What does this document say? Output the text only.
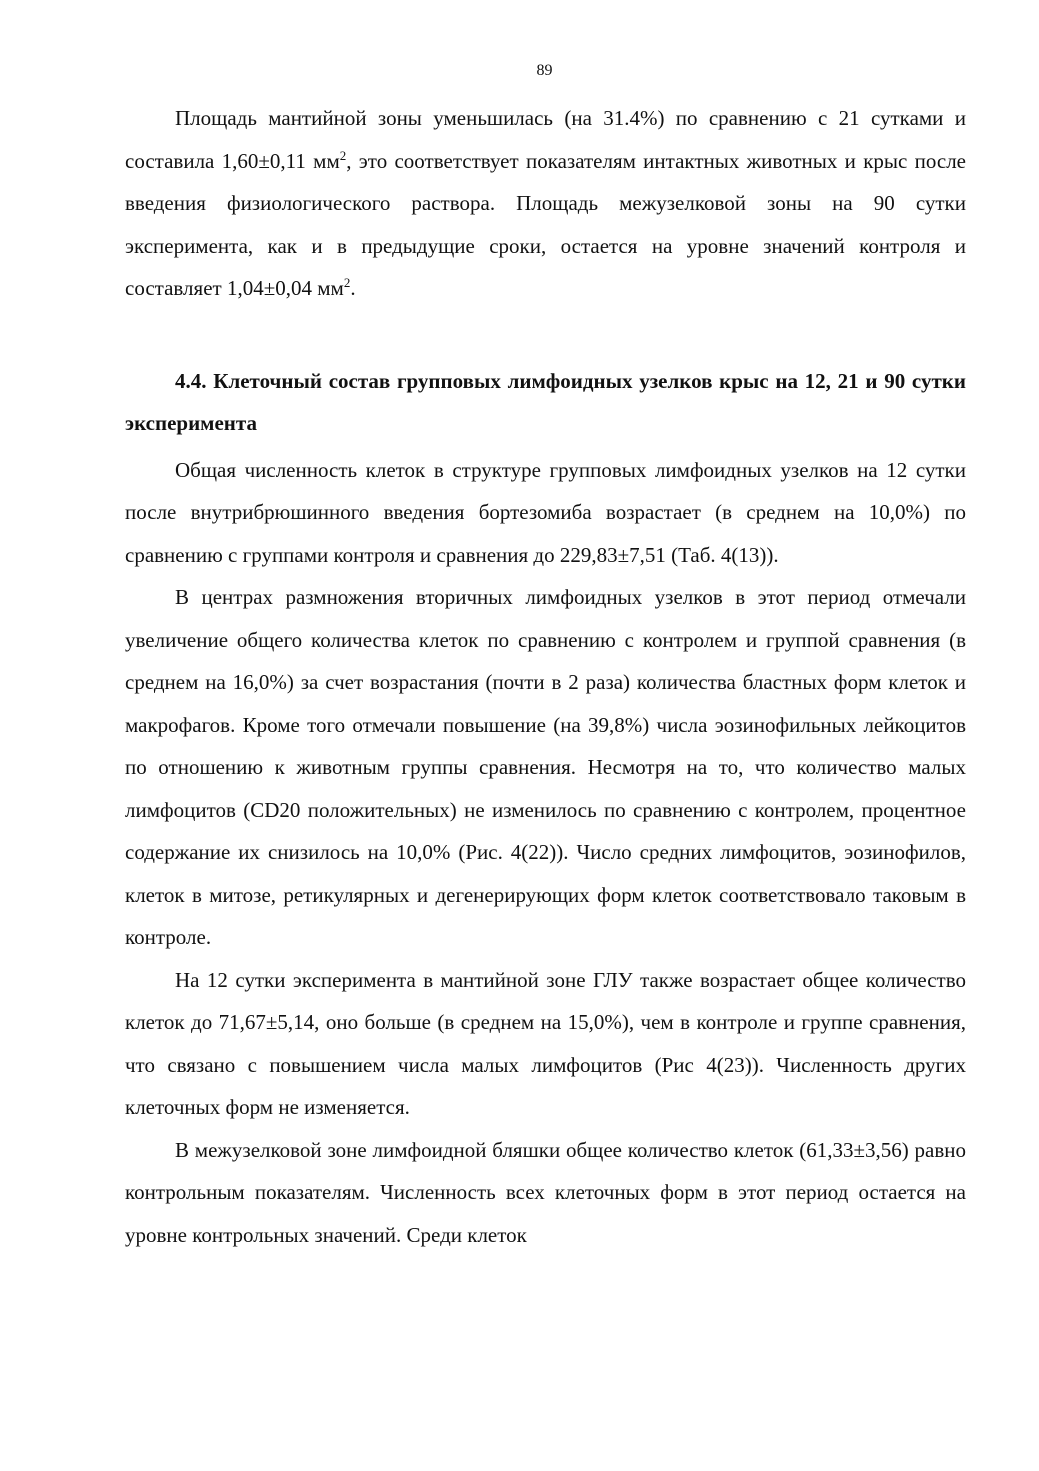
89

Площадь мантийной зоны уменьшилась (на 31.4%) по сравнению с 21 сутками и составила 1,60±0,11 $мм^2$, это соответствует показателям интактных животных и крыс после введения физиологического раствора. Площадь межузелковой зоны на 90 сутки эксперимента, как и в предыдущие сроки, остается на уровне значений контроля и составляет 1,04±0,04 $мм^2$.

4.4. Клеточный состав групповых лимфоидных узелков крыс на 12, 21 и 90 сутки эксперимента

Общая численность клеток в структуре групповых лимфоидных узелков на 12 сутки после внутрибрюшинного введения бортезомиба возрастает (в среднем на 10,0%) по сравнению с группами контроля и сравнения до 229,83±7,51 (Таб. 4(13)).

В центрах размножения вторичных лимфоидных узелков в этот период отмечали увеличение общего количества клеток по сравнению с контролем и группой сравнения (в среднем на 16,0%) за счет возрастания (почти в 2 раза) количества бластных форм клеток и макрофагов. Кроме того отмечали повышение (на 39,8%) числа эозинофильных лейкоцитов по отношению к животным группы сравнения. Несмотря на то, что количество малых лимфоцитов (CD20 положительных) не изменилось по сравнению с контролем, процентное содержание их снизилось на 10,0% (Рис. 4(22)). Число средних лимфоцитов, эозинофилов, клеток в митозе, ретикулярных и дегенерирующих форм клеток соответствовало таковым в контроле.

На 12 сутки эксперимента в мантийной зоне ГЛУ также возрастает общее количество клеток до 71,67±5,14, оно больше (в среднем на 15,0%), чем в контроле и группе сравнения, что связано с повышением числа малых лимфоцитов (Рис 4(23)). Численность других клеточных форм не изменяется.

В межузелковой зоне лимфоидной бляшки общее количество клеток (61,33±3,56) равно контрольным показателям. Численность всех клеточных форм в этот период остается на уровне контрольных значений. Среди клеток
